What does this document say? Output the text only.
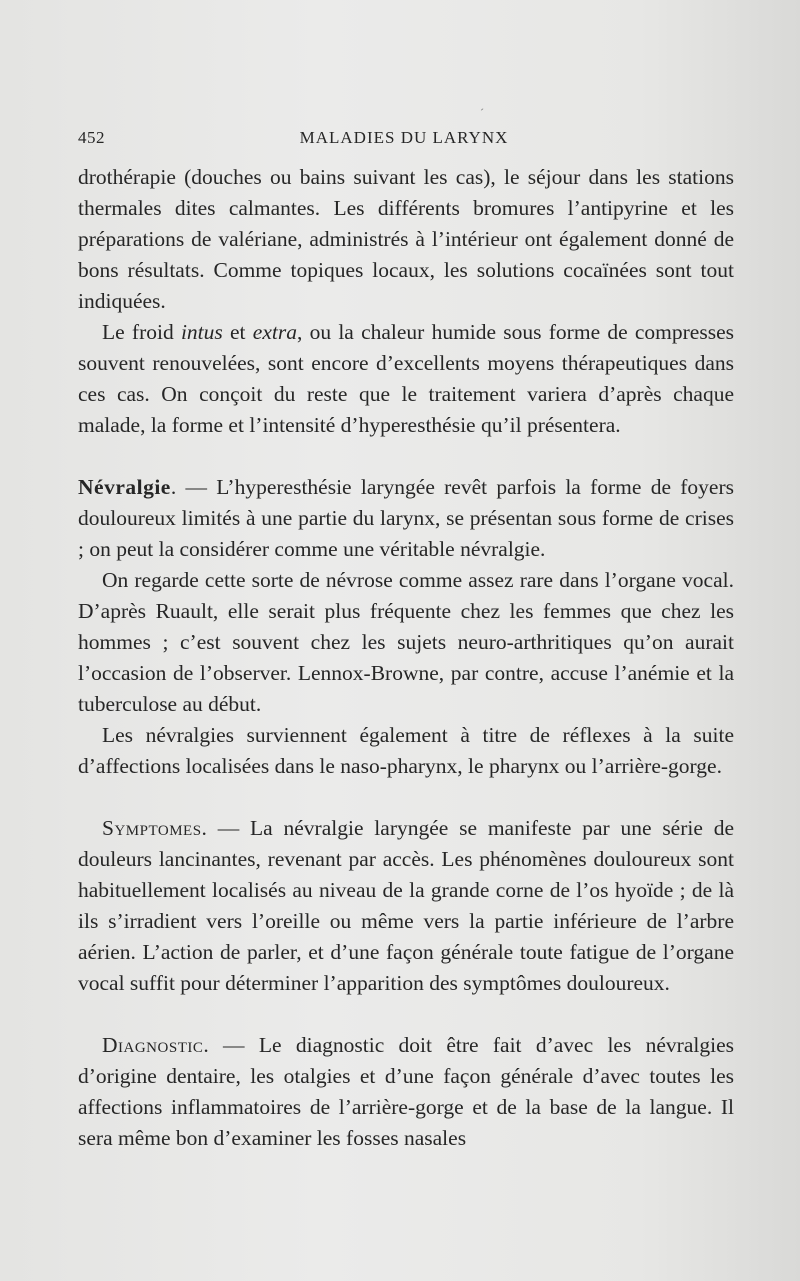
ˊ
452	MALADIES DU LARYNX

drothérapie (douches ou bains suivant les cas), le séjour dans les stations thermales dites calmantes. Les différents bromures l’antipyrine et les préparations de valériane, administrés à l’intérieur ont également donné de bons résultats. Comme topiques locaux, les solutions cocaïnées sont tout indiquées.

Le froid intus et extra, ou la chaleur humide sous forme de compresses souvent renouvelées, sont encore d’excellents moyens thérapeutiques dans ces cas. On conçoit du reste que le traitement variera d’après chaque malade, la forme et l’intensité d’hyperesthésie qu’il présentera.

Névralgie. — L’hyperesthésie laryngée revêt parfois la forme de foyers douloureux limités à une partie du larynx, se présentan sous forme de crises ; on peut la considérer comme une véritable névralgie.

On regarde cette sorte de névrose comme assez rare dans l’organe vocal. D’après Ruault, elle serait plus fréquente chez les femmes que chez les hommes ; c’est souvent chez les sujets neuro-arthritiques qu’on aurait l’occasion de l’observer. Lennox-Browne, par contre, accuse l’anémie et la tuberculose au début.

Les névralgies surviennent également à titre de réflexes à la suite d’affections localisées dans le naso-pharynx, le pharynx ou l’arrière-gorge.

Symptomes. — La névralgie laryngée se manifeste par une série de douleurs lancinantes, revenant par accès. Les phénomènes douloureux sont habituellement localisés au niveau de la grande corne de l’os hyoïde ; de là ils s’irradient vers l’oreille ou même vers la partie inférieure de l’arbre aérien. L’action de parler, et d’une façon générale toute fatigue de l’organe vocal suffit pour déterminer l’apparition des symptômes douloureux.

Diagnostic. — Le diagnostic doit être fait d’avec les névralgies d’origine dentaire, les otalgies et d’une façon générale d’avec toutes les affections inflammatoires de l’arrière-gorge et de la base de la langue. Il sera même bon d’examiner les fosses nasales
